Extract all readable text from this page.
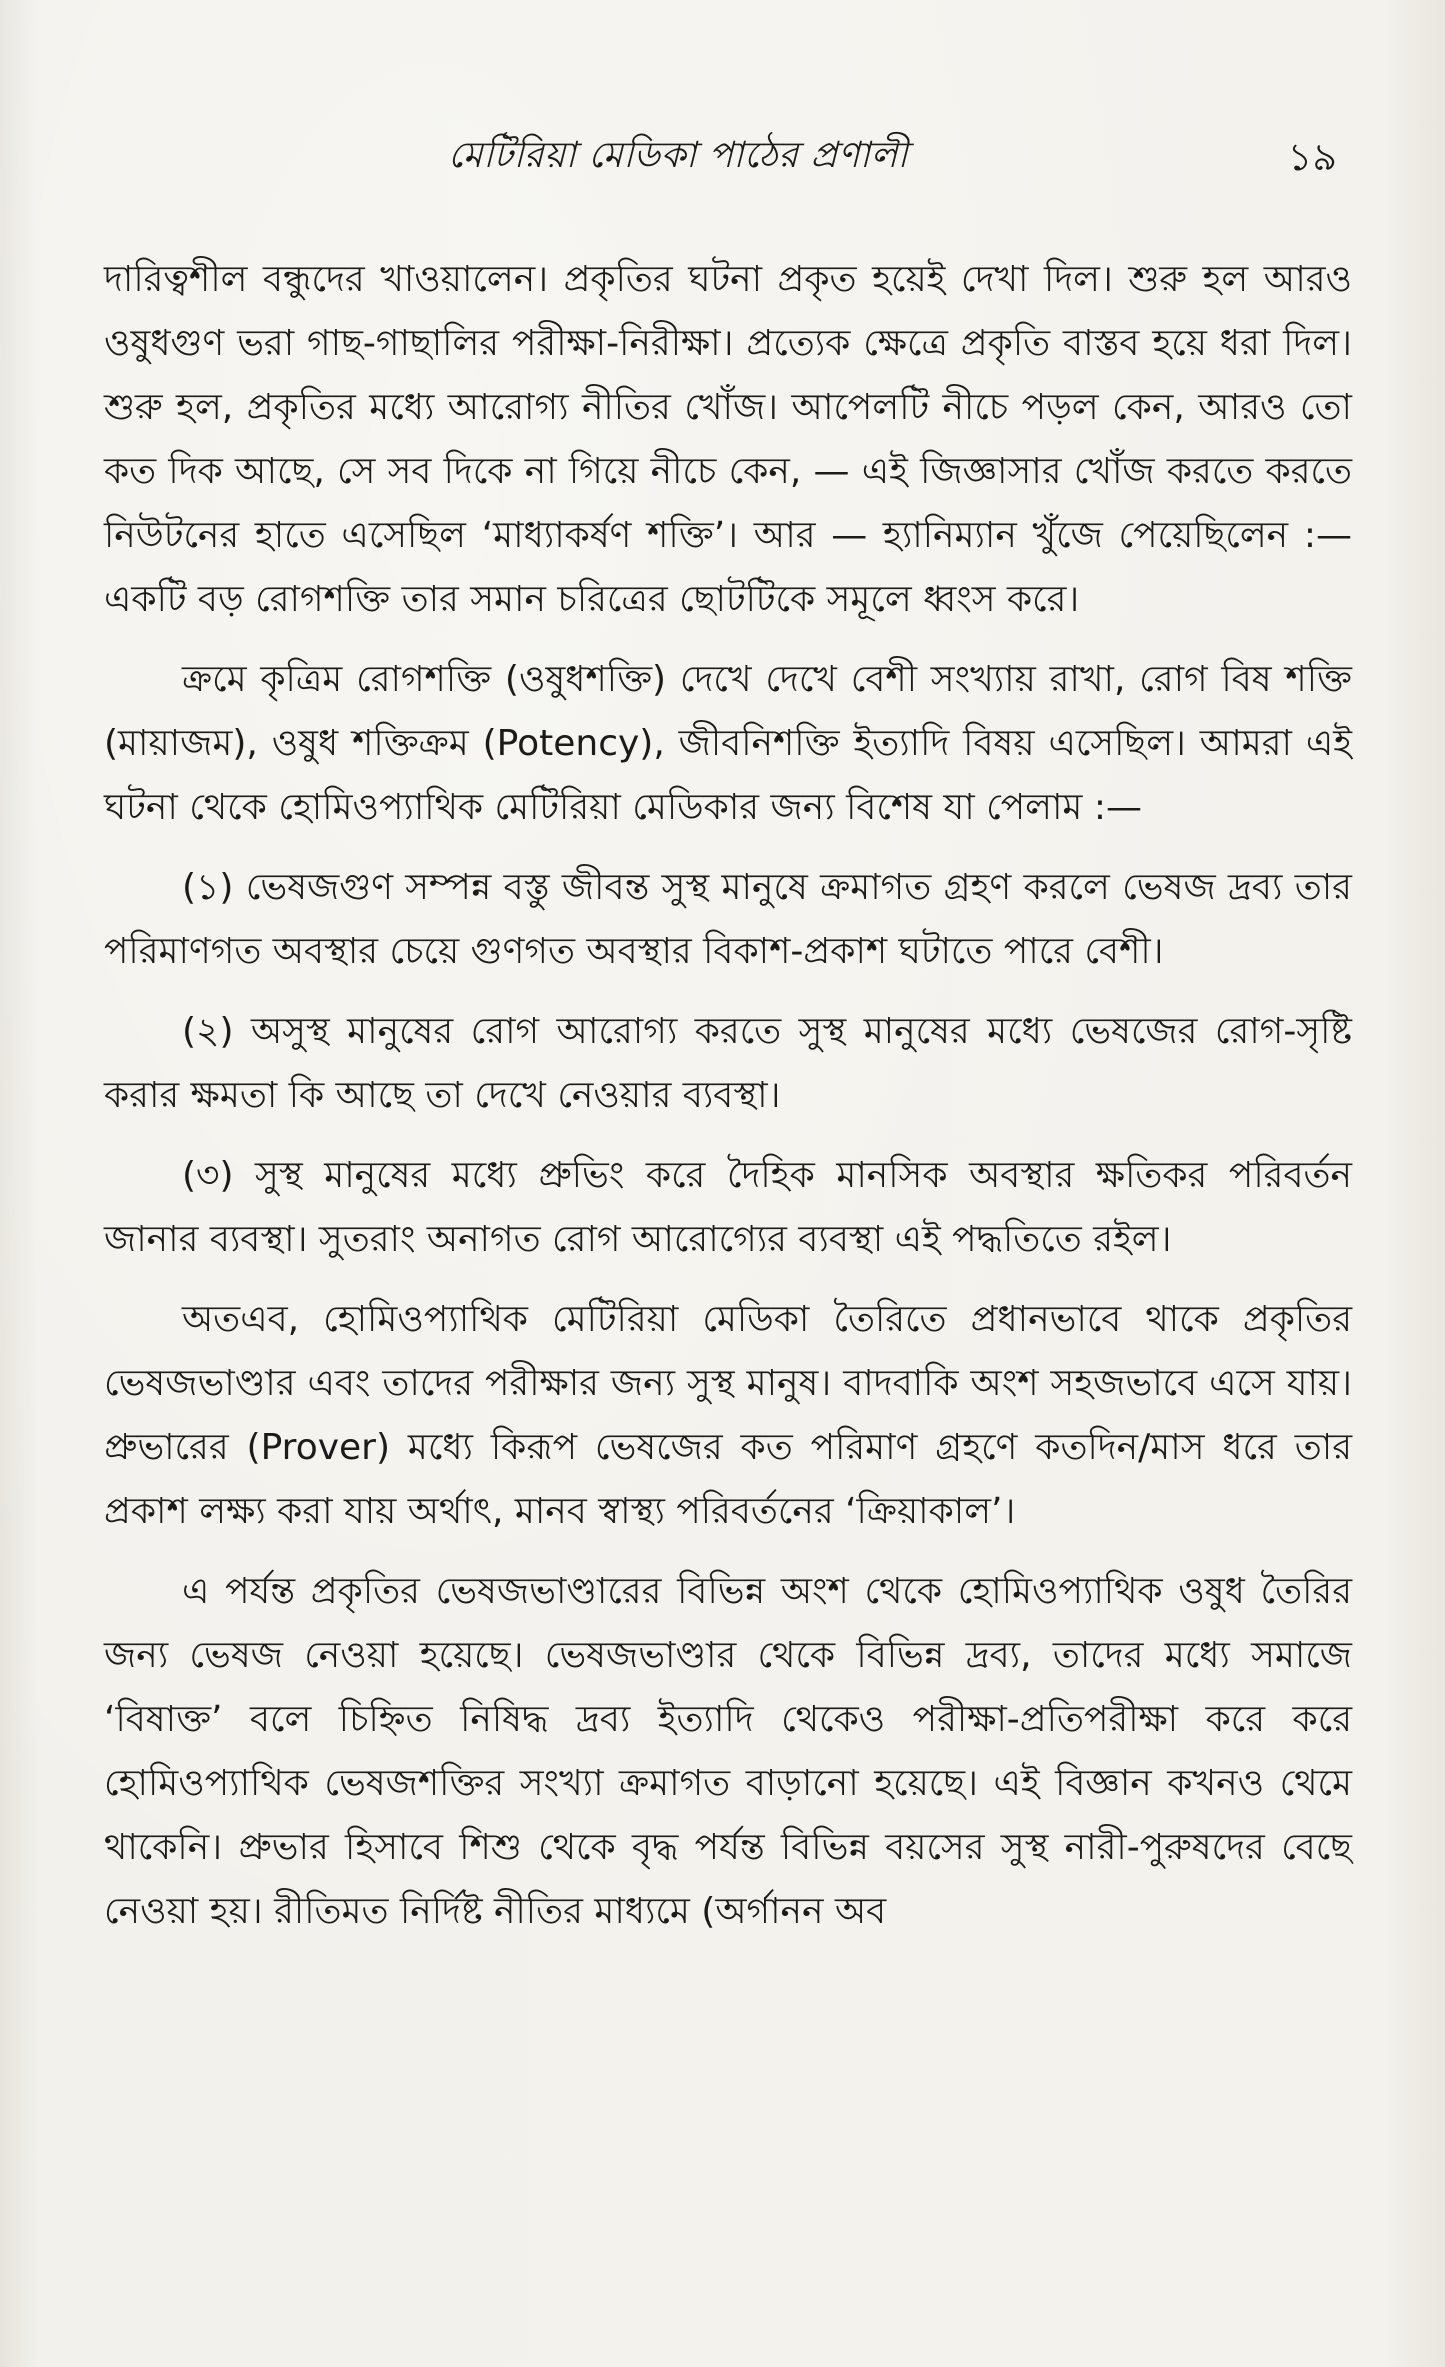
মেটিরিয়া মেডিকা পাঠের প্রণালী	১৯

দারিত্বশীল বন্ধুদের খাওয়ালেন। প্রকৃতির ঘটনা প্রকৃত হয়েই দেখা দিল। শুরু হল আরও ওষুধগুণ ভরা গাছ-গাছালির পরীক্ষা-নিরীক্ষা। প্রত্যেক ক্ষেত্রে প্রকৃতি বাস্তব হয়ে ধরা দিল। শুরু হল, প্রকৃতির মধ্যে আরোগ্য নীতির খোঁজ। আপেলটি নীচে পড়ল কেন, আরও তো কত দিক আছে, সে সব দিকে না গিয়ে নীচে কেন, — এই জিজ্ঞাসার খোঁজ করতে করতে নিউটনের হাতে এসেছিল ‘মাধ্যাকর্ষণ শক্তি’। আর — হ্যানিম্যান খুঁজে পেয়েছিলেন :— একটি বড় রোগশক্তি তার সমান চরিত্রের ছোটটিকে সমূলে ধ্বংস করে।

ক্রমে কৃত্রিম রোগশক্তি (ওষুধশক্তি) দেখে দেখে বেশী সংখ্যায় রাখা, রোগ বিষ শক্তি (মায়াজম), ওষুধ শক্তিক্রম (Potency), জীবনিশক্তি ইত্যাদি বিষয় এসেছিল। আমরা এই ঘটনা থেকে হোমিওপ্যাথিক মেটিরিয়া মেডিকার জন্য বিশেষ যা পেলাম :—

(১) ভেষজগুণ সম্পন্ন বস্তু জীবন্ত সুস্থ মানুষে ক্রমাগত গ্রহণ করলে ভেষজ দ্রব্য তার পরিমাণগত অবস্থার চেয়ে গুণগত অবস্থার বিকাশ-প্রকাশ ঘটাতে পারে বেশী।

(২) অসুস্থ মানুষের রোগ আরোগ্য করতে সুস্থ মানুষের মধ্যে ভেষজের রোগ-সৃষ্টি করার ক্ষমতা কি আছে তা দেখে নেওয়ার ব্যবস্থা।

(৩) সুস্থ মানুষের মধ্যে প্রুভিং করে দৈহিক মানসিক অবস্থার ক্ষতিকর পরিবর্তন জানার ব্যবস্থা। সুতরাং অনাগত রোগ আরোগ্যের ব্যবস্থা এই পদ্ধতিতে রইল।

অতএব, হোমিওপ্যাথিক মেটিরিয়া মেডিকা তৈরিতে প্রধানভাবে থাকে প্রকৃতির ভেষজভাণ্ডার এবং তাদের পরীক্ষার জন্য সুস্থ মানুষ। বাদবাকি অংশ সহজভাবে এসে যায়। প্রুভারের (Prover) মধ্যে কিরূপ ভেষজের কত পরিমাণ গ্রহণে কতদিন/মাস ধরে তার প্রকাশ লক্ষ্য করা যায় অর্থাৎ, মানব স্বাস্থ্য পরিবর্তনের ‘ক্রিয়াকাল’।

এ পর্যন্ত প্রকৃতির ভেষজভাণ্ডারের বিভিন্ন অংশ থেকে হোমিওপ্যাথিক ওষুধ তৈরির জন্য ভেষজ নেওয়া হয়েছে। ভেষজভাণ্ডার থেকে বিভিন্ন দ্রব্য, তাদের মধ্যে সমাজে ‘বিষাক্ত’ বলে চিহ্নিত নিষিদ্ধ দ্রব্য ইত্যাদি থেকেও পরীক্ষা-প্রতিপরীক্ষা করে করে হোমিওপ্যাথিক ভেষজশক্তির সংখ্যা ক্রমাগত বাড়ানো হয়েছে। এই বিজ্ঞান কখনও থেমে থাকেনি। প্রুভার হিসাবে শিশু থেকে বৃদ্ধ পর্যন্ত বিভিন্ন বয়সের সুস্থ নারী-পুরুষদের বেছে নেওয়া হয়। রীতিমত নির্দিষ্ট নীতির মাধ্যমে (অর্গানন অব
